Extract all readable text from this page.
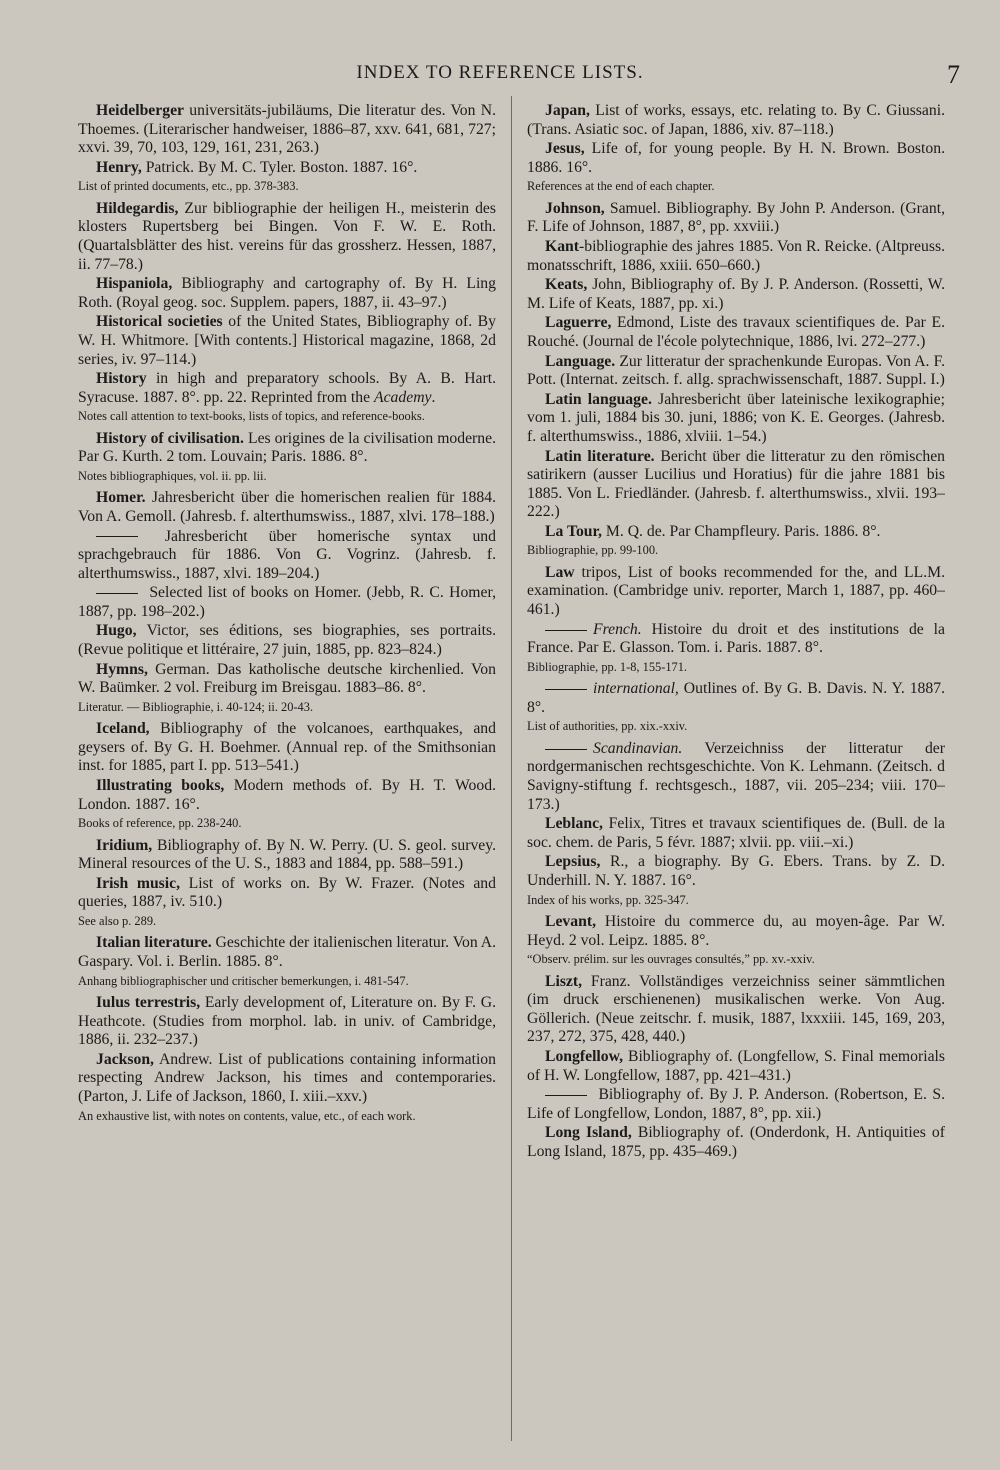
INDEX TO REFERENCE LISTS.	7
Heidelberger universitäts-jubiläums, Die literatur des. Von N. Thoemes. (Literarischer handweiser, 1886–87, xxv. 641, 681, 727; xxvi. 39, 70, 103, 129, 161, 231, 263.)
Henry, Patrick. By M. C. Tyler. Boston. 1887. 16°.
List of printed documents, etc., pp. 378-383.
Hildegardis, Zur bibliographie der heiligen H., meisterin des klosters Rupertsberg bei Bingen. Von F. W. E. Roth. (Quartalsblätter des hist. vereins für das grossherz. Hessen, 1887, ii. 77–78.)
Hispaniola, Bibliography and cartography of. By H. Ling Roth. (Royal geog. soc. Supplem. papers, 1887, ii. 43–97.)
Historical societies of the United States, Bibliography of. By W. H. Whitmore. [With contents.] Historical magazine, 1868, 2d series, iv. 97–114.)
History in high and preparatory schools. By A. B. Hart. Syracuse. 1887. 8°. pp. 22. Reprinted from the Academy.
Notes call attention to text-books, lists of topics, and reference-books.
History of civilisation. Les origines de la civilisation moderne. Par G. Kurth. 2 tom. Louvain; Paris. 1886. 8°.
Notes bibliographiques, vol. ii. pp. lii.
Homer. Jahresbericht über die homerischen realien für 1884. Von A. Gemoll. (Jahresb. f. alterthumswiss., 1887, xlvi. 178–188.)
Jahresbericht über homerische syntax und sprachgebrauch für 1886. Von G. Vogrinz. (Jahresb. f. alterthumswiss., 1887, xlvi. 189–204.)
Selected list of books on Homer. (Jebb, R. C. Homer, 1887, pp. 198–202.)
Hugo, Victor, ses éditions, ses biographies, ses portraits. (Revue politique et littéraire, 27 juin, 1885, pp. 823–824.)
Hymns, German. Das katholische deutsche kirchenlied. Von W. Baümker. 2 vol. Freiburg im Breisgau. 1883–86. 8°.
Literatur. — Bibliographie, i. 40-124; ii. 20-43.
Iceland, Bibliography of the volcanoes, earthquakes, and geysers of. By G. H. Boehmer. (Annual rep. of the Smithsonian inst. for 1885, part I. pp. 513–541.)
Illustrating books, Modern methods of. By H. T. Wood. London. 1887. 16°.
Books of reference, pp. 238-240.
Iridium, Bibliography of. By N. W. Perry. (U. S. geol. survey. Mineral resources of the U. S., 1883 and 1884, pp. 588–591.)
Irish music, List of works on. By W. Frazer. (Notes and queries, 1887, iv. 510.)
See also p. 289.
Italian literature. Geschichte der italienischen literatur. Von A. Gaspary. Vol. i. Berlin. 1885. 8°.
Anhang bibliographischer und critischer bemerkungen, i. 481-547.
Iulus terrestris, Early development of, Literature on. By F. G. Heathcote. (Studies from morphol. lab. in univ. of Cambridge, 1886, ii. 232–237.)
Jackson, Andrew. List of publications containing information respecting Andrew Jackson, his times and contemporaries. (Parton, J. Life of Jackson, 1860, I. xiii.–xxv.)
An exhaustive list, with notes on contents, value, etc., of each work.
Japan, List of works, essays, etc. relating to. By C. Giussani. (Trans. Asiatic soc. of Japan, 1886, xiv. 87–118.)
Jesus, Life of, for young people. By H. N. Brown. Boston. 1886. 16°.
References at the end of each chapter.
Johnson, Samuel. Bibliography. By John P. Anderson. (Grant, F. Life of Johnson, 1887, 8°, pp. xxviii.)
Kant-bibliographie des jahres 1885. Von R. Reicke. (Altpreuss. monatsschrift, 1886, xxiii. 650–660.)
Keats, John, Bibliography of. By J. P. Anderson. (Rossetti, W. M. Life of Keats, 1887, pp. xi.)
Laguerre, Edmond, Liste des travaux scientifiques de. Par E. Rouché. (Journal de l'école polytechnique, 1886, lvi. 272–277.)
Language. Zur litteratur der sprachenkunde Europas. Von A. F. Pott. (Internat. zeitsch. f. allg. sprachwissenschaft, 1887. Suppl. I.)
Latin language. Jahresbericht über lateinische lexikographie; vom 1. juli, 1884 bis 30. juni, 1886; von K. E. Georges. (Jahresb. f. alterthumswiss., 1886, xlviii. 1–54.)
Latin literature. Bericht über die litteratur zu den römischen satirikern (ausser Lucilius und Horatius) für die jahre 1881 bis 1885. Von L. Friedländer. (Jahresb. f. alterthumswiss., xlvii. 193–222.)
La Tour, M. Q. de. Par Champfleury. Paris. 1886. 8°.
Bibliographie, pp. 99-100.
Law tripos, List of books recommended for the, and LL.M. examination. (Cambridge univ. reporter, March 1, 1887, pp. 460–461.)
French. Histoire du droit et des institutions de la France. Par E. Glasson. Tom. i. Paris. 1887. 8°.
Bibliographie, pp. 1-8, 155-171.
international, Outlines of. By G. B. Davis. N. Y. 1887. 8°.
List of authorities, pp. xix.-xxiv.
Scandinavian. Verzeichniss der litteratur der nordgermanischen rechtsgeschichte. Von K. Lehmann. (Zeitsch. d Savigny-stiftung f. rechtsgesch., 1887, vii. 205–234; viii. 170–173.)
Leblanc, Felix, Titres et travaux scientifiques de. (Bull. de la soc. chem. de Paris, 5 févr. 1887; xlvii. pp. viii.–xi.)
Lepsius, R., a biography. By G. Ebers. Trans. by Z. D. Underhill. N. Y. 1887. 16°.
Index of his works, pp. 325-347.
Levant, Histoire du commerce du, au moyen-âge. Par W. Heyd. 2 vol. Leipz. 1885. 8°.
“Observ. prélim. sur les ouvrages consultés,” pp. xv.-xxiv.
Liszt, Franz. Vollständiges verzeichniss seiner sämmtlichen (im druck erschienenen) musikalischen werke. Von Aug. Göllerich. (Neue zeitschr. f. musik, 1887, lxxxiii. 145, 169, 203, 237, 272, 375, 428, 440.)
Longfellow, Bibliography of. (Longfellow, S. Final memorials of H. W. Longfellow, 1887, pp. 421–431.)
Bibliography of. By J. P. Anderson. (Robertson, E. S. Life of Longfellow, London, 1887, 8°, pp. xii.)
Long Island, Bibliography of. (Onderdonk, H. Antiquities of Long Island, 1875, pp. 435–469.)
